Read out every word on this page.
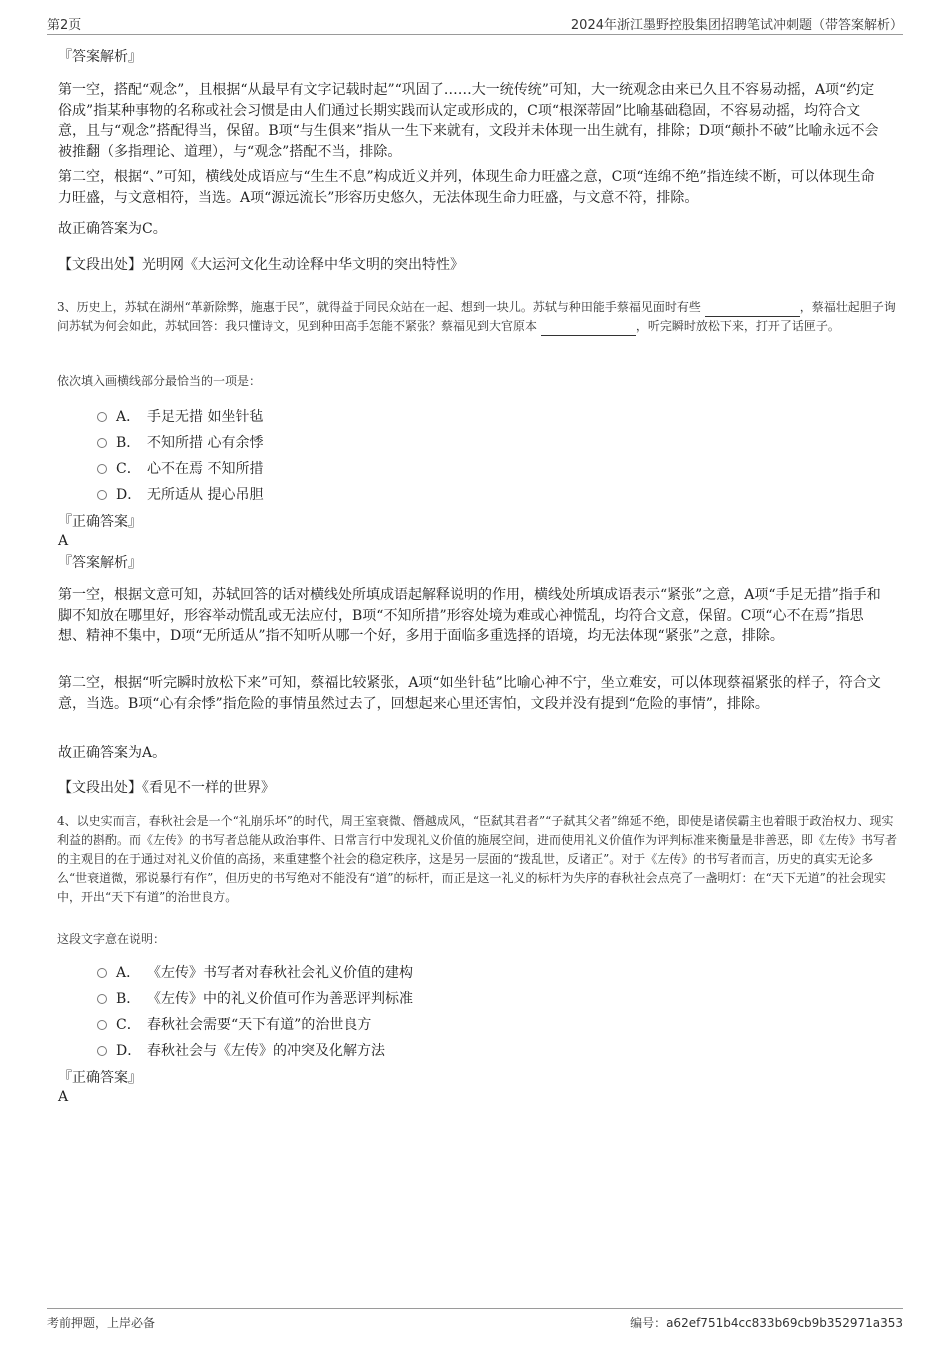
第2页	2024年浙江墨野控股集团招聘笔试冲刺题（带答案解析）
『答案解析』

第一空，搭配“观念”，且根据“从最早有文字记载时起”“巩固了……大一统传统”可知，大一统观念由来已久且不容易动摇，A项“约定俗成”指某种事物的名称或社会习惯是由人们通过长期实践而认定或形成的，C项“根深蒂固”比喻基础稳固，不容易动摇，均符合文意，且与“观念”搭配得当，保留。B项“与生俱来”指从一生下来就有，文段并未体现一出生就有，排除；D项“颠扑不破”比喻永远不会被推翻（多指理论、道理），与“观念”搭配不当，排除。

第二空，根据“、”可知，横线处成语应与“生生不息”构成近义并列，体现生命力旺盛之意，C项“连绵不绝”指连续不断，可以体现生命力旺盛，与文意相符，当选。A项“源远流长”形容历史悠久，无法体现生命力旺盛，与文意不符，排除。

故正确答案为C。
【文段出处】光明网《大运河文化生动诠释中华文明的突出特性》

3、历史上，苏轼在湖州“革新除弊，施惠于民”，就得益于同民众站在一起、想到一块儿。苏轼与种田能手蔡福见面时有些	，蔡福壮起胆子询问苏轼为何会如此，苏轼回答：我只懂诗文，见到种田高手怎能不紧张？蔡福见到大官原本	，听完瞬时放松下来，打开了话匣子。

依次填入画横线部分最恰当的一项是：
A． 手足无措 如坐针毡
B． 不知所措 心有余悸
C． 心不在焉 不知所措
D． 无所适从 提心吊胆
『正确答案』
A
『答案解析』

第一空，根据文意可知，苏轼回答的话对横线处所填成语起解释说明的作用，横线处所填成语表示“紧张”之意，A项“手足无措”指手和脚不知放在哪里好，形容举动慌乱或无法应付，B项“不知所措”形容处境为难或心神慌乱，均符合文意，保留。C项“心不在焉”指思想、精神不集中，D项“无所适从”指不知听从哪一个好，多用于面临多重选择的语境，均无法体现“紧张”之意，排除。

第二空，根据“听完瞬时放松下来”可知，蔡福比较紧张，A项“如坐针毡”比喻心神不宁，坐立难安，可以体现蔡福紧张的样子，符合文意，当选。B项“心有余悸”指危险的事情虽然过去了，回想起来心里还害怕，文段并没有提到“危险的事情”，排除。

故正确答案为A。
【文段出处】《看见不一样的世界》

4、以史实而言，春秋社会是一个“礼崩乐坏”的时代，周王室衰微、僭越成风，“臣弑其君者”“子弑其父者”绵延不绝，即使是诸侯霸主也着眼于政治权力、现实利益的斟酌。而《左传》的书写者总能从政治事件、日常言行中发现礼义价值的施展空间，进而使用礼义价值作为评判标准来衡量是非善恶，即《左传》书写者的主观目的在于通过对礼义价值的高扬，来重建整个社会的稳定秩序，这是另一层面的“拨乱世，反诸正”。对于《左传》的书写者而言，历史的真实无论多么“世衰道微，邪说暴行有作”，但历史的书写绝对不能没有“道”的标杆，而正是这一礼义的标杆为失序的春秋社会点亮了一盏明灯：在“天下无道”的社会现实中，开出“天下有道”的治世良方。

这段文字意在说明：
A． 《左传》书写者对春秋社会礼义价值的建构
B． 《左传》中的礼义价值可作为善恶评判标准
C． 春秋社会需要“天下有道”的治世良方
D． 春秋社会与《左传》的冲突及化解方法
『正确答案』
A
考前押题，上岸必备	编号：a62ef751b4cc833b69cb9b352971a353
